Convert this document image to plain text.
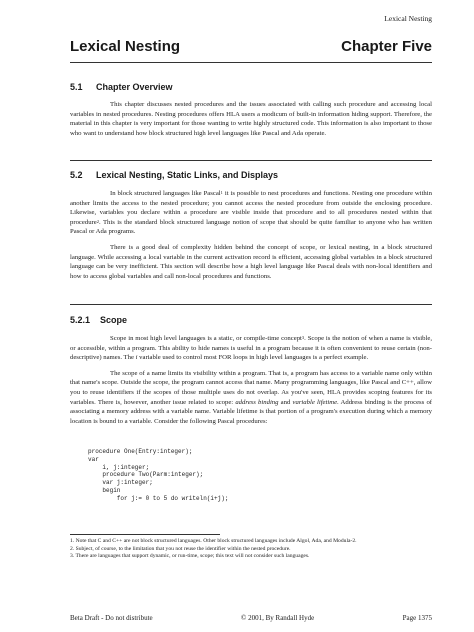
Lexical Nesting
Lexical Nesting	Chapter Five
5.1 Chapter Overview

This chapter discusses nested procedures and the issues associated with calling such procedure and accessing local variables in nested procedures. Nesting procedures offers HLA users a modicum of built-in information hiding support. Therefore, the material in this chapter is very important for those wanting to write highly structured code. This information is also important to those who want to understand how block structured high level languages like Pascal and Ada operate.

5.2 Lexical Nesting, Static Links, and Displays

In block structured languages like Pascal$^1$ it is possible to nest procedures and functions. Nesting one procedure within another limits the access to the nested procedure; you cannot access the nested procedure from outside the enclosing procedure. Likewise, variables you declare within a procedure are visible inside that procedure and to all procedures nested within that procedure$^2$. This is the standard block structured language notion of scope that should be quite familiar to anyone who has written Pascal or Ada programs.

There is a good deal of complexity hidden behind the concept of scope, or lexical nesting, in a block structured language. While accessing a local variable in the current activation record is efficient, accessing global variables in a block structured language can be very inefficient. This section will describe how a high level language like Pascal deals with non-local identifiers and how to access global variables and call non-local procedures and functions.

5.2.1 Scope

Scope in most high level languages is a static, or compile-time concept$^3$. Scope is the notion of when a name is visible, or accessible, within a program. This ability to hide names is useful in a program because it is often convenient to reuse certain (non-descriptive) names. The i variable used to control most FOR loops in high level languages is a perfect example.

The scope of a name limits its visibility within a program. That is, a program has access to a variable name only within that name's scope. Outside the scope, the program cannot access that name. Many programming languages, like Pascal and C++, allow you to reuse identifiers if the scopes of those multiple uses do not overlap. As you've seen, HLA provides scoping features for its variables. There is, however, another issue related to scope: address binding and variable lifetime. Address binding is the process of associating a memory address with a variable name. Variable lifetime is that portion of a program's execution during which a memory location is bound to a variable. Consider the following Pascal procedures:

procedure One(Entry:integer);
var
i, j:integer;
procedure Two(Parm:integer);
var j:integer;
begin
for j:= 0 to 5 do writeln(i+j);
1. Note that C and C++ are not block structured languages. Other block structured languages include Algol, Ada, and Modula-2.
2. Subject, of course, to the limitation that you not reuse the identifier within the nested procedure.
3. There are languages that support dynamic, or run-time, scope; this text will not consider such languages.
Beta Draft - Do not distribute	© 2001, By Randall Hyde	Page 1375
